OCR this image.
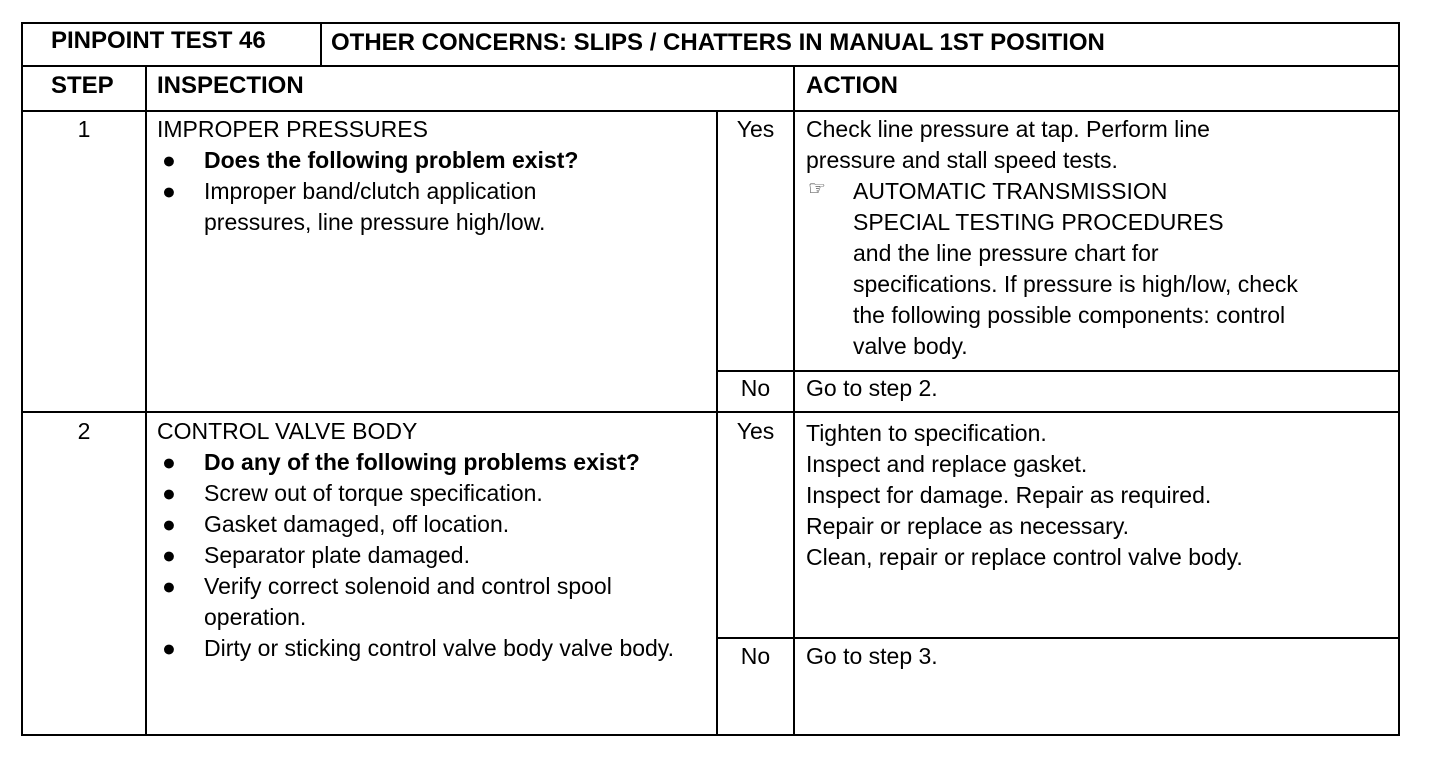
PINPOINT TEST 46	OTHER CONCERNS: SLIPS / CHATTERS IN MANUAL 1ST POSITION
STEP INSPECTION	ACTION
1	IMPROPER PRESSURES
● Does the following problem exist?
● Improper band/clutch application pressures, line pressure high/low.
Yes	Check line pressure at tap. Perform line
pressure and stall speed tests.
☞ AUTOMATIC TRANSMISSION
SPECIAL TESTING PROCEDURES
and the line pressure chart for
specifications. If pressure is high/low, check
the following possible components: control
valve body.
No	Go to step 2.
2	CONTROL VALVE BODY
● Do any of the following problems exist?
● Screw out of torque specification.
● Gasket damaged, off location.
● Separator plate damaged.
● Verify correct solenoid and control spool operation.
● Dirty or sticking control valve body valve body.
Yes	Tighten to specification.
Inspect and replace gasket.
Inspect for damage. Repair as required.
Repair or replace as necessary.
Clean, repair or replace control valve body.
No	Go to step 3.
